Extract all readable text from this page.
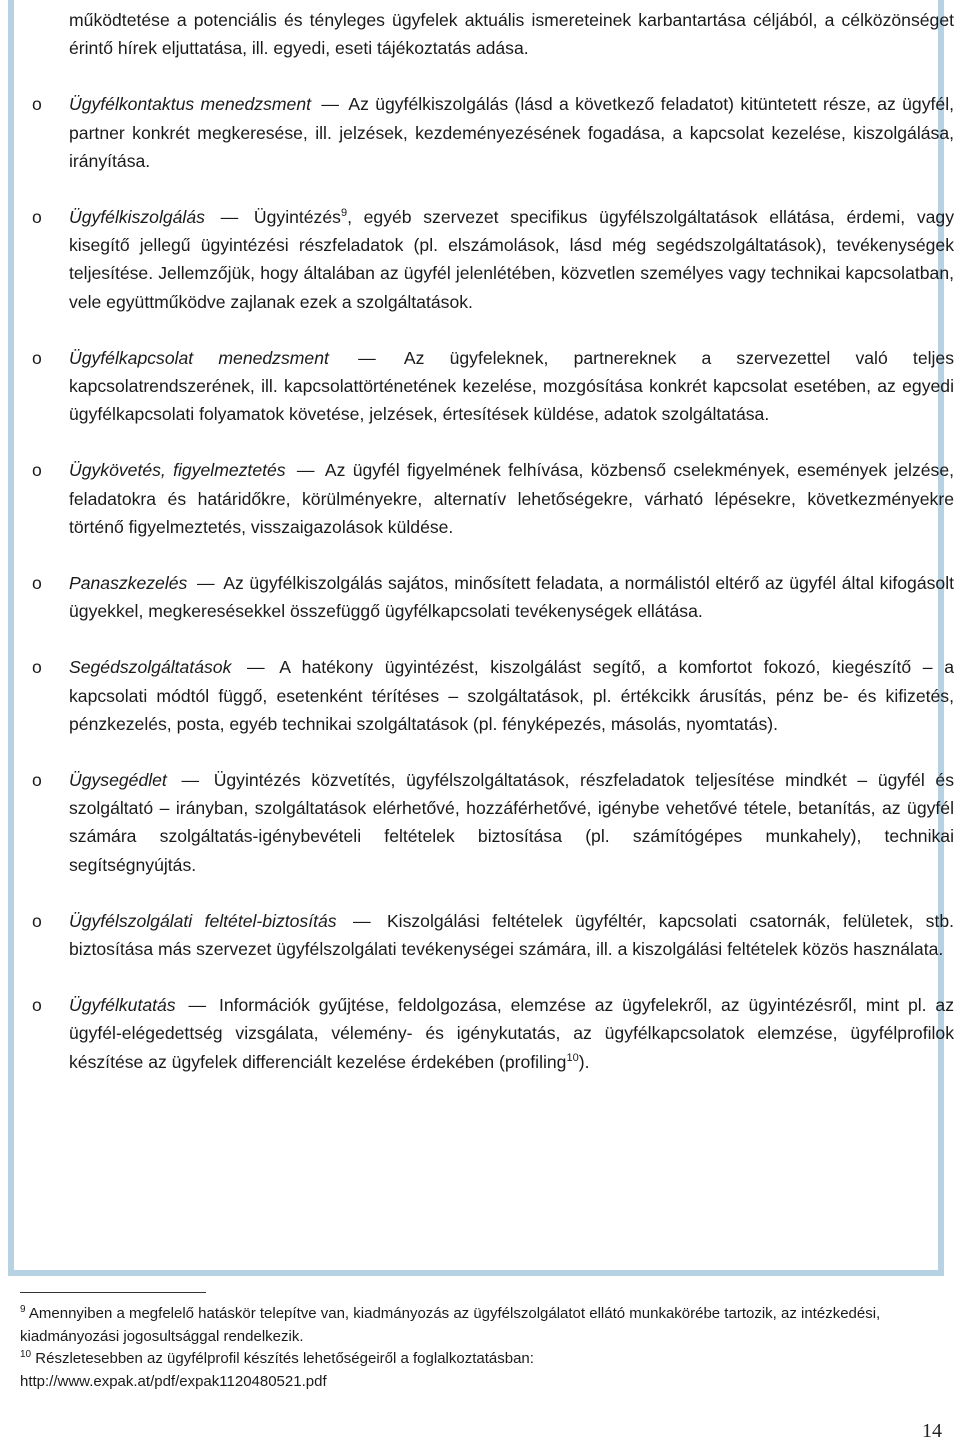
működtetése a potenciális és tényleges ügyfelek aktuális ismereteinek karbantartása céljából, a célközönséget érintő hírek eljuttatása, ill. egyedi, eseti tájékoztatás adása.

o Ügyfélkontaktus menedzsment — Az ügyfélkiszolgálás (lásd a következő feladatot) kitüntetett része, az ügyfél, partner konkrét megkeresése, ill. jelzések, kezdeményezésének fogadása, a kapcsolat kezelése, kiszolgálása, irányítása.
o Ügyfélkiszolgálás — Ügyintézés$^9$, egyéb szervezet specifikus ügyfélszolgáltatások ellátása, érdemi, vagy kisegítő jellegű ügyintézési részfeladatok (pl. elszámolások, lásd még segédszolgáltatások), tevékenységek teljesítése. Jellemzőjük, hogy általában az ügyfél jelenlétében, közvetlen személyes vagy technikai kapcsolatban, vele együttműködve zajlanak ezek a szolgáltatások.
o Ügyfélkapcsolat menedzsment — Az ügyfeleknek, partnereknek a szervezettel való teljes kapcsolatrendszerének, ill. kapcsolattörténetének kezelése, mozgósítása konkrét kapcsolat esetében, az egyedi ügyfélkapcsolati folyamatok követése, jelzések, értesítések küldése, adatok szolgáltatása.
o Ügykövetés, figyelmeztetés — Az ügyfél figyelmének felhívása, közbenső cselekmények, események jelzése, feladatokra és határidőkre, körülményekre, alternatív lehetőségekre, várható lépésekre, következményekre történő figyelmeztetés, visszaigazolások küldése.
o Panaszkezelés — Az ügyfélkiszolgálás sajátos, minősített feladata, a normálistól eltérő az ügyfél által kifogásolt ügyekkel, megkeresésekkel összefüggő ügyfélkapcsolati tevékenységek ellátása.
o Segédszolgáltatások — A hatékony ügyintézést, kiszolgálást segítő, a komfortot fokozó, kiegészítő – a kapcsolati módtól függő, esetenként térítéses – szolgáltatások, pl. értékcikk árusítás, pénz be- és kifizetés, pénzkezelés, posta, egyéb technikai szolgáltatások (pl. fényképezés, másolás, nyomtatás).
o Ügysegédlet — Ügyintézés közvetítés, ügyfélszolgáltatások, részfeladatok teljesítése mindkét – ügyfél és szolgáltató – irányban, szolgáltatások elérhetővé, hozzáférhetővé, igénybe vehetővé tétele, betanítás, az ügyfél számára szolgáltatás-igénybevételi feltételek biztosítása (pl. számítógépes munkahely), technikai segítségnyújtás.
o Ügyfélszolgálati feltétel-biztosítás — Kiszolgálási feltételek ügyféltér, kapcsolati csatornák, felületek, stb. biztosítása más szervezet ügyfélszolgálati tevékenységei számára, ill. a kiszolgálási feltételek közös használata.
o Ügyfélkutatás — Információk gyűjtése, feldolgozása, elemzése az ügyfelekről, az ügyintézésről, mint pl. az ügyfél-elégedettség vizsgálata, vélemény- és igénykutatás, az ügyfélkapcsolatok elemzése, ügyfélprofilok készítése az ügyfelek differenciált kezelése érdekében (profiling$^{10}$).

$^9$ Amennyiben a megfelelő hatáskör telepítve van, kiadmányozás az ügyfélszolgálatot ellátó munkakörébe tartozik, az intézkedési, kiadmányozási jogosultsággal rendelkezik.

$^{10}$ Részletesebben az ügyfélprofil készítés lehetőségeiről a foglalkoztatásban:
http://www.expak.at/pdf/expak1120480521.pdf

14
